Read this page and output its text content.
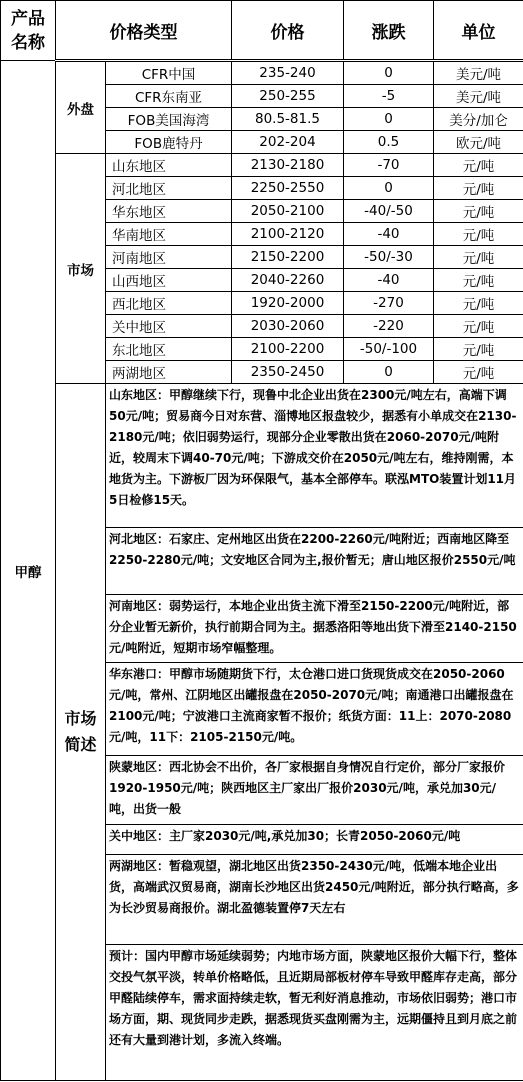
产品
名称	价格类型		价格	涨跌	单位
甲醇	外盘	CFR中国	235-240	0	美元/吨
		CFR东南亚	250-255	-5	美元/吨
		FOB美国海湾	80.5-81.5	0	美分/加仑
		FOB鹿特丹	202-204	0.5	欧元/吨
	市场	山东地区	2130-2180	-70	元/吨
		河北地区	2250-2550	0	元/吨
		华东地区	2050-2100	-40/-50	元/吨
		华南地区	2100-2120	-40	元/吨
		河南地区	2150-2200	-50/-30	元/吨
		山西地区	2040-2260	-40	元/吨
		西北地区	1920-2000	-270	元/吨
		关中地区	2030-2060	-220	元/吨
		东北地区	2100-2200	-50/-100	元/吨
		两湖地区	2350-2450	0	元/吨
	市场
简述	山东地区：甲醇继续下行，现鲁中北企业出货在2300元/吨左右，高端下调50元/吨；贸易商今日对东营、淄博地区报盘较少，据悉有小单成交在2130-2180元/吨；依旧弱势运行，现部分企业零散出货在2060-2070元/吨附近，较周末下调40-70元/吨；下游成交价在2050元/吨左右，维持刚需，本地货为主。下游板厂因为环保限气，基本全部停车。联泓MTO装置计划11月5日检修15天。			
		河北地区：石家庄、定州地区出货在2200-2260元/吨附近；西南地区降至2250-2280元/吨；文安地区合同为主,报价暂无；唐山地区报价2550元/吨			
		河南地区：弱势运行，本地企业出货主流下滑至2150-2200元/吨附近，部分企业暂无新价，执行前期合同为主。据悉洛阳等地出货下滑至2140-2150元/吨附近，短期市场窄幅整理。			
		华东港口：甲醇市场随期货下行，太仓港口进口货现货成交在2050-2060元/吨，常州、江阴地区出罐报盘在2050-2070元/吨；南通港口出罐报盘在2100元/吨；宁波港口主流商家暂不报价；纸货方面：11上：2070-2080元/吨，11下：2105-2150元/吨。			
		陕蒙地区：西北协会不出价，各厂家根据自身情况自行定价，部分厂家报价1920-1950元/吨；陕西地区主厂家出厂报价2030元/吨，承兑加30元/吨，出货一般			
		关中地区：主厂家2030元/吨,承兑加30；长青2050-2060元/吨			
		两湖地区：暂稳观望，湖北地区出货2350-2430元/吨，低端本地企业出货，高端武汉贸易商，湖南长沙地区出货2450元/吨附近，部分执行略高，多为长沙贸易商报价。湖北盈德装置停7天左右			
		预计：国内甲醇市场延续弱势；内地市场方面，陕蒙地区报价大幅下行，整体交投气氛平淡，转单价格略低，且近期局部板材停车导致甲醛库存走高，部分甲醛陆续停车，需求面持续走软，暂无利好消息推动，市场依旧弱势；港口市场方面，期、现货同步走跌，据悉现货买盘刚需为主，远期僵持且到月底之前还有大量到港计划，多流入终端。			
